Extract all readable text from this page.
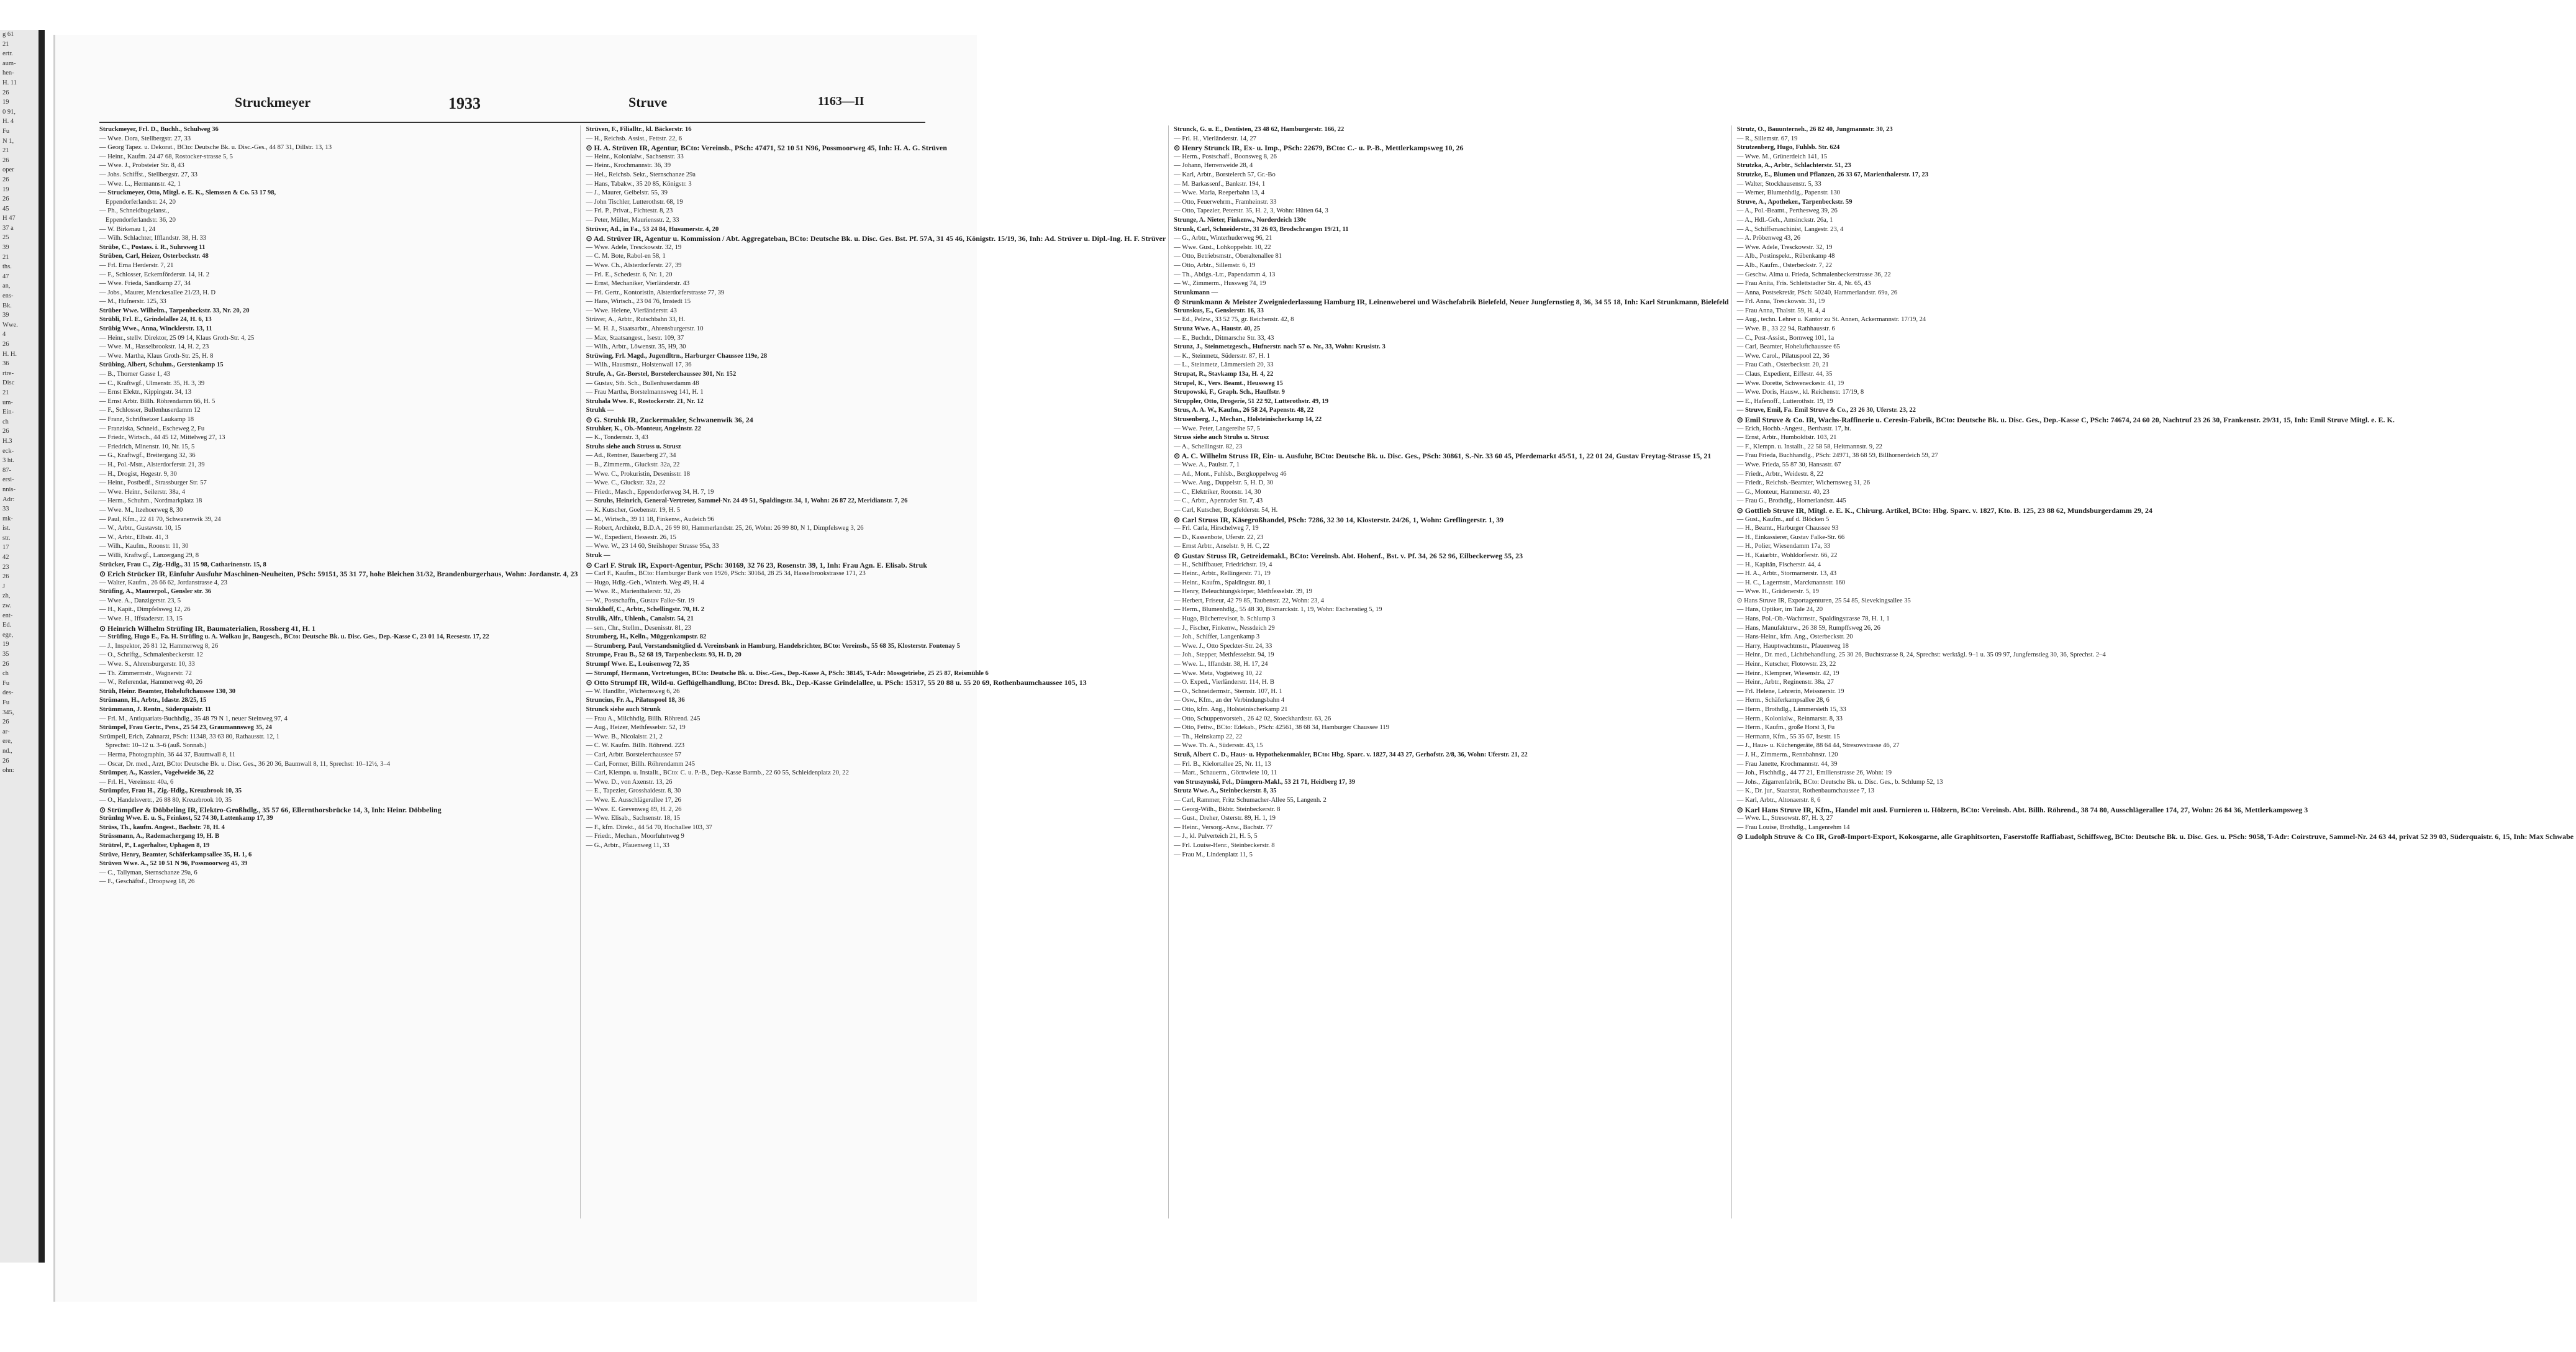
g 61
21
ertr.
aum-
hen-
H. 11
26
19
0 91,
H. 4
Fu
N 1,
21
26
oper
26
19
26
45
H 47
37 a
25
39
21
ths.
47
an,
ens-
Bk.
39
Wwe.
4
26
H. H.
36
rtre-
Disc
21
um-
Ein-
ch
26
H.3
eck-
3 ht.
87-
ersi-
nnis-
Adr:
33
mk-
ist.
str.
17
42
23
26
J
zh,
zw.
ent-
Ed.
ege,
19
35
26
ch
Fu
des-
Fu
345,
26
ar-
ere,
nd.,
26
ohn:
Struckmeyer	1933	Struve	1163—II
Struckmeyer, Frl. D., Buchh., Schulweg 36
— Wwe. Dora, Stellbergstr. 27, 33
— Georg Tapez. u. Dekorat., BCto: Deutsche Bk. u. Disc.-Ges., 44 87 31, Dillstr. 13, 13
— Heinr., Kaufm. 24 47 68, Rostocker-strasse 5, 5
— Wwe. J., Probsteier Str. 8, 43
— Johs. Schiffst., Stellbergstr. 27, 33
— Wwe. L., Hermannstr. 42, 1
— Struckmeyer, Otto, Mitgl. e. E. K., Slemssen & Co. 53 17 98,
Eppendorferlandstr. 24, 20
— Ph., Schneidbugelanst.,
Eppendorferlandstr. 36, 20
— W. Birkenau 1, 24
— Wilh. Schlachter, Ifflandstr. 38, H. 33
Strübe, C., Postass. i. R., Suhrsweg 11
Strüben, Carl, Heizer, Osterbeckstr. 48
— Frl. Erna Herderstr. 7, 21
— F., Schlosser, Eckernförderstr. 14, H. 2
— Wwe. Frieda, Sandkamp 27, 34
— Jobs., Maurer, Menckesallee 21/23, H. D
— M., Hufnerstr. 125, 33
Strüber Wwe. Wilhelm., Tarpenbeckstr. 33, Nr. 20, 20
Strübli, Frl. E., Grindelallee 24, H. 6, 13
Strübig Wwe., Anna, Wincklerstr. 13, 11
— Heinr., stellv. Direktor, 25 09 14, Klaus Groth-Str. 4, 25
— Wwe. M., Hasselbrookstr. 14, H. 2, 23
— Wwe. Martha, Klaus Groth-Str. 25, H. 8
Strübing, Albert, Schuhm., Gerstenkamp 15
— B., Thorner Gasse 1, 43
— C., Kraftwgf., Ulmenstr. 35, H. 3, 39
— Ernst Elektr., Kippingstr. 34, 13
— Ernst Arbtr. Billh. Röhrendamm 66, H. 5
— F., Schlosser, Bullenhuserdamm 12
— Franz, Schriftsetzer Laukamp 18
— Franziska, Schneid., Escheweg 2, Fu
— Friedr., Wirtsch., 44 45 12, Mittelweg 27, 13
— Friedrich, Minenstr. 10, Nr. 15, 5
— G., Kraftwgf., Breitergang 32, 36
— H., Pol.-Mstr., Alsterdorferstr. 21, 39
— H., Drogist, Hegestr. 9, 30
— Heinr., Postbedf., Strassburger Str. 57
— Wwe. Heinr., Seilerstr. 38a, 4
— Herm., Schuhm., Nordmarkplatz 18
— Wwe. M., Itzehoerweg 8, 30
— Paul, Kfm., 22 41 70, Schwanenwik 39, 24
— W., Arbtr., Gustavstr. 10, 15
— W., Arbtr., Elbstr. 41, 3
— Wilh., Kaufm., Roonstr. 11, 30
— Willi, Kraftwgf., Lanzergang 29, 8
Strücker, Frau C., Zig.-Hdlg., 31 15 98, Catharinenstr. 15, 8
⊙ Erich Strücker IR, Einfuhr Ausfuhr Maschinen-Neuheiten, PSch: 59151, 35 31 77, hohe Bleichen 31/32, Brandenburgerhaus, Wohn: Jordanstr. 4, 23
— Walter, Kaufm., 26 66 62, Jordanstrasse 4, 23
Strüfing, A., Maurerpol., Gensler str. 36
— Wwe. A., Danzigerstr. 23, 5
— H., Kapit., Dimpfelsweg 12, 26
— Wwe. H., Iffstaderstr. 13, 15
⊙ Heinrich Wilhelm Strüfing IR, Baumaterialien, Rossberg 41, H. 1
— Strüfing, Hugo E., Fa. H. Strüfing u. A. Wolkau jr., Baugesch., BCto: Deutsche Bk. u. Disc. Ges., Dep.-Kasse C, 23 01 14, Reesestr. 17, 22
— J., Inspektor, 26 81 12, Hammerweg 8, 26
— O., Schriftg., Schmalenbeckerstr. 12
— Wwe. S., Ahrensburgerstr. 10, 33
— Th. Zimmermstr., Wagnerstr. 72
— W., Referendar, Hammerweg 40, 26
Strüh, Heinr. Beamter, Hoheluftchaussee 130, 30
Strümann, H., Arbtr., Idastr. 28/25, 15
Strümmann, J. Rentn., Süderquaistr. 11
— Frl. M., Antiquariats-Buchhdlg., 35 48 79 N 1, neuer Steinweg 97, 4
Strümpel, Frau Gertr., Pens., 25 54 23, Graumannsweg 35, 24
Strümpell, Erich, Zahnarzt, PSch: 11348, 33 63 80, Rathausstr. 12, 1
Sprechst: 10–12 u. 3–6 (auß. Sonnab.)
— Herma, Photographin, 36 44 37, Baumwall 8, 11
— Oscar, Dr. med., Arzt, BCto: Deutsche Bk. u. Disc. Ges., 36 20 36, Baumwall 8, 11, Sprechst: 10–12½, 3–4
Strümper, A., Kassier., Vogelweide 36, 22
— Frl. H., Vereinsstr. 40a, 6
Strümpfer, Frau H., Zig.-Hdlg., Kreuzbrook 10, 35
— O., Handelsvertr., 26 88 80, Kreuzbrook 10, 35
⊙ Strümpfler & Döbbeling IR, Elektro-Großhdlg., 35 57 66, Ellernthorsbrücke 14, 3, Inh: Heinr. Döbbeling
Strünlng Wwe. E. u. S., Feinkost, 52 74 30, Lattenkamp 17, 39
Strüss, Th., kaufm. Angest., Bachstr. 78, H. 4
Strüssmann, A., Rademachergang 19, H. B
Strütrel, P., Lagerhalter, Uphagen 8, 19
Strüve, Henry, Beamter, Schäferkampsallee 35, H. 1, 6
Strüven Wwe. A., 52 10 51 N 96, Possmoorweg 45, 39
— C., Tallyman, Sternschanze 29a, 6
— F., Geschäftsf., Droopweg 18, 26
Strüven, F., Filialltr., kl. Bäckerstr. 16
— H., Reichsb. Assist., Fettstr. 22, 6
⊙ H. A. Strüven IR, Agentur, BCto: Vereinsb., PSch: 47471, 52 10 51 N96, Possmoorweg 45, Inh: H. A. G. Strüven
— Heinr., Kolonialw., Sachsenstr. 33
— Heinr., Krochmannstr. 36, 39
— Hel., Reichsb. Sekr., Sternschanze 29a
— Hans, Tabakw., 35 20 85, Königstr. 3
— J., Maurer, Geibelstr. 55, 39
— John Tischler, Lutterothstr. 68, 19
— Frl. P., Privat., Fichtestr. 8, 23
— Peter, Müller, Mauriensstr. 2, 33
Strüver, Ad., in Fa., 53 24 84, Husumerstr. 4, 20
⊙ Ad. Strüver IR, Agentur u. Kommission / Abt. Aggregateban, BCto: Deutsche Bk. u. Disc. Ges. Bst. Pf. 57A, 31 45 46, Königstr. 15/19, 36, Inh: Ad. Strüver u. Dipl.-Ing. H. F. Strüver
— Wwe. Adele, Tresckowstr. 32, 19
— C. M. Bote, Rabol-en 58, 1
— Wwe. Ch., Alsterdorferstr. 27, 39
— Frl. E., Schedestr. 6, Nr. 1, 20
— Ernst, Mechaniker, Vierländerstr. 43
— Frl. Gertr., Kontoristin, Alsterdorferstrasse 77, 39
— Hans, Wirtsch., 23 04 76, Imstedt 15
— Wwe. Helene, Vierländerstr. 43
Strüver, A., Arbtr., Rutschbahn 33, H.
— M. H. J., Staatsarbtr., Ahrensburgerstr. 10
— Max, Staatsangest., Isestr. 109, 37
— Wilh., Arbtr., Löwenstr. 35, H9, 30
Strüwing, Frl. Magd., Jugendltrn., Harburger Chaussee 119e, 28
— Wilh., Hausmstr., Holstenwall 17, 36
Strufe, A., Gr.-Borstel, Borstelerchaussee 301, Nr. 152
— Gustav, Stb. Sch., Bullenhuserdamm 48
— Frau Martha, Borstelmannsweg 141, H. 1
Struhala Wwe. F., Rostockerstr. 21, Nr. 12
Struhk —
⊙ G. Struhk IR, Zuckermakler, Schwanenwik 36, 24
Struhker, K., Ob.-Monteur, Angelnstr. 22
— K., Tondernstr. 3, 43
Struhs siehe auch Struss u. Strusz
— Ad., Rentner, Bauerberg 27, 34
— B., Zimmerm., Gluckstr. 32a, 22
— Wwe. C., Prokuristin, Desenisstr. 18
— Wwe. C., Gluckstr. 32a, 22
— Friedr., Masch., Eppendorferweg 34, H. 7, 19
— Struhs, Heinrich, General-Vertreter, Sammel-Nr. 24 49 51, Spaldingstr. 34, 1, Wohn: 26 87 22, Meridianstr. 7, 26
— K. Kutscher, Goebenstr. 19, H. 5
— M., Wirtsch., 39 11 18, Finkenw., Audeich 96
— Robert, Architekt, B.D.A., 26 99 80, Hammerlandstr. 25, 26, Wohn: 26 99 80, N 1, Dimpfelsweg 3, 26
— W., Expedient, Hessestr. 26, 15
— Wwe. W., 23 14 60, Steilshoper Strasse 95a, 33
Struk —
⊙ Carl F. Struk IR, Export-Agentur, PSch: 30169, 32 76 23, Rosenstr. 39, 1, Inh: Frau Agn. E. Elisab. Struk
— Carl F., Kaufm., BCto: Hamburger Bank von 1926, PSch: 30164, 28 25 34, Hasselbrookstrasse 171, 23
— Hugo, Hdlg.-Geh., Winterh. Weg 49, H. 4
— Wwe. R., Marienthalerstr. 92, 26
— W., Postschaffn., Gustav Falke-Str. 19
Strukhoff, C., Arbtr., Schellingstr. 70, H. 2
Strulik, Alfr., Uhlenh., Canalstr. 54, 21
— sen., Chr., Stellm., Desenisstr. 81, 23
Strumberg, H., Kelln., Müggenkampstr. 82
— Strumberg, Paul, Vorstandsmitglied d. Vereinsbank in Hamburg, Handelsrichter, BCto: Vereinsb., 55 68 35, Klosterstr. Fontenay 5
Strumpe, Frau B., 52 68 19, Tarpenbeckstr. 93, H. D, 20
Strumpf Wwe. E., Louisenweg 72, 35
— Strumpf, Hermann, Vertretungen, BCto: Deutsche Bk. u. Disc.-Ges., Dep.-Kasse A, PSch: 38145, T-Adr: Mossgetriebe, 25 25 87, Reismühle 6
⊙ Otto Strumpf IR, Wild-u. Geflügelhandlung, BCto: Dresd. Bk., Dep.-Kasse Grindelallee, u. PSch: 15317, 55 20 88 u. 55 20 69, Rothenbaumchaussee 105, 13
— W. Handlbr., Wichernsweg 6, 26
Struncius, Fr. A., Pilatuspool 18, 36
Strunck siehe auch Strunk
— Frau A., Milchhdlg. Billh. Röhrend. 245
— Aug., Heizer, Methfesselstr. 52, 19
— Wwe. B., Nicolaistr. 21, 2
— C. W. Kaufm. Billh. Röhrend. 223
— Carl, Arbtr. Borstelerchaussee 57
— Carl, Former, Billh. Röhrendamm 245
— Carl, Klempn. u. Installt., BCto: C. u. P.-B., Dep.-Kasse Barmb., 22 60 55, Schleidenplatz 20, 22
— Wwe. D., von Axenstr. 13, 26
— E., Tapezier, Grosshaidestr. 8, 30
— Wwe. E. Ausschlägerallee 17, 26
— Wwe. E. Grevenweg 89, H. 2, 26
— Wwe. Elisab., Sachsenstr. 18, 15
— F., kfm. Direkt., 44 54 70, Hochallee 103, 37
— Friedr., Mechan., Moorfuhrtweg 9
— G., Arbtr., Pfauenweg 11, 33
Strunck, G. u. E., Dentisten, 23 48 62, Hamburgerstr. 166, 22
— Frl. H., Vierländerstr. 14, 27
⊙ Henry Strunck IR, Ex- u. Imp., PSch: 22679, BCto: C.- u. P.-B., Mettlerkampsweg 10, 26
— Herm., Postschaff., Boonsweg 8, 26
— Johann, Herrenweide 28, 4
— Karl, Arbtr., Borstelerch 57, Gr.-Bo
— M. Barkassenf., Bankstr. 194, 1
— Wwe. Maria, Reeperbahn 13, 4
— Otto, Feuerwehrm., Framheinstr. 33
— Otto, Tapezier, Peterstr. 35, H. 2, 3, Wohn: Hütten 64, 3
Strunge, A. Nieter, Finkenw., Norderdeich 130c
Strunk, Carl, Schneiderstr., 31 26 03, Brodschrangen 19/21, 11
— G., Arbtr., Winterhuderweg 96, 21
— Wwe. Gust., Lohkoppelstr. 10, 22
— Otto, Betriebsmstr., Oberaltenallee 81
— Otto, Arbtr., Sillemstr. 6, 19
— Th., Abtlgs.-Ltr., Papendamm 4, 13
— W., Zimmerm., Hussweg 74, 19
Strunkmann —
⊙ Strunkmann & Meister Zweigniederlassung Hamburg IR, Leinenweberei und Wäschefabrik Bielefeld, Neuer Jungfernstieg 8, 36, 34 55 18, Inh: Karl Strunkmann, Bielefeld
Strunskus, E., Genslerstr. 16, 33
— Ed., Pelzw., 33 52 75, gr. Reichenstr. 42, 8
Strunz Wwe. A., Haustr. 40, 25
— E., Buchdr., Ditmarsche Str. 33, 43
Strunz, J., Steinmetzgesch., Hufnerstr. nach 57 o. Nr., 33, Wohn: Krusistr. 3
— K., Steinmetz, Südersstr. 87, H. 1
— L., Steinmetz, Lämmersieth 20, 33
Strupat, R., Stavkamp 13a, H. 4, 22
Strupel, K., Vers. Beamt., Heussweg 15
Strupowski, F., Graph. Sch., Hauffstr. 9
Struppler, Otto, Drogerie, 51 22 92, Lutterothstr. 49, 19
Strus, A. A. W., Kaufm., 26 58 24, Papenstr. 48, 22
Strusenberg, J., Mechan., Holsteinischerkamp 14, 22
— Wwe. Peter, Langereihe 57, 5
Struss siehe auch Struhs u. Strusz
— A., Schellingstr. 82, 23
⊙ A. C. Wilhelm Struss IR, Ein- u. Ausfuhr, BCto: Deutsche Bk. u. Disc. Ges., PSch: 30861, S.-Nr. 33 60 45, Pferdemarkt 45/51, 1, 22 01 24, Gustav Freytag-Strasse 15, 21
— Wwe. A., Paulstr. 7, 1
— Ad., Mont., Fuhlsb., Bergkoppelweg 46
— Wwe. Aug., Duppelstr. 5, H. D, 30
— C., Elektriker, Roonstr. 14, 30
— C., Arbtr., Apenrader Str. 7, 43
— Carl, Kutscher, Borgfelderstr. 54, H.
⊙ Carl Struss IR, Käsegroßhandel, PSch: 7286, 32 30 14, Klosterstr. 24/26, 1, Wohn: Greflingerstr. 1, 39
— Frl. Carla, Hirschelweg 7, 19
— D., Kassenbote, Uferstr. 22, 23
— Ernst Arbtr., Anselstr. 9, H. C, 22
⊙ Gustav Struss IR, Getreidemakl., BCto: Vereinsb. Abt. Hohenf., Bst. v. Pf. 34, 26 52 96, Eilbeckerweg 55, 23
— H., Schiffbauer, Friedrichstr. 19, 4
— Heinr., Arbtr., Rellingerstr. 71, 19
— Heinr., Kaufm., Spaldingstr. 80, 1
— Henry, Beleuchtungskörper, Methfesselstr. 39, 19
— Herbert, Friseur, 42 79 85, Taubenstr. 22, Wohn: 23, 4
— Herm., Blumenhdlg., 55 48 30, Bismarckstr. 1, 19, Wohn: Eschenstieg 5, 19
— Hugo, Bücherrevisor, b. Schlump 3
— J., Fischer, Finkenw., Nessdeich 29
— Joh., Schiffer, Langenkamp 3
— Wwe. J., Otto Speckter-Str. 24, 33
— Joh., Stepper, Methfesselstr. 94, 19
— Wwe. L., Iffandstr. 38, H. 17, 24
— Wwe. Meta, Vogteiweg 10, 22
— O. Exped., Vierländerstr. 114, H. B
— O., Schneidermstr., Sternstr. 107, H. 1
— Osw., Kfm., an der Verbindungsbahn 4
— Otto, kfm. Ang., Holsteinischerkamp 21
— Otto, Schuppenvorsteh., 26 42 02, Stoeckhardtstr. 63, 26
— Otto, Fettw., BCto: Edekab., PSch: 42561, 38 68 34, Hamburger Chaussee 119
— Th., Heinskamp 22, 22
— Wwe. Th. A., Südersstr. 43, 15
Struß, Albert C. D., Haus- u. Hypothekenmakler, BCto: Hbg. Sparc. v. 1827, 34 43 27, Gerhofstr. 2/8, 36, Wohn: Uferstr. 21, 22
— Frl. B., Kielortallee 25, Nr. 11, 13
— Mart., Schauerm., Görttwiete 10, 11
von Struszynski, Fel., Dümgern-Makl., 53 21 71, Heidberg 17, 39
Strutz Wwe. A., Steinbeckerstr. 8, 35
— Carl, Rammer, Fritz Schumacher-Allee 55, Langenh. 2
— Georg-Wilh., Bkbtr. Steinbeckerstr. 8
— Gust., Dreher, Osterstr. 89, H. 1, 19
— Heinr., Versorg.-Anw., Bachstr. 77
— J., kl. Pulverteich 21, H. 5, 5
— Frl. Louise-Henr., Steinbeckerstr. 8
— Frau M., Lindenplatz 11, 5
Strutz, O., Bauunterneh., 26 82 40, Jungmannstr. 30, 23
— R., Sillemstr. 67, 19
Strutzenberg, Hugo, Fuhlsb. Str. 624
— Wwe. M., Grünerdeich 141, 15
Strutzka, A., Arbtr., Schlachterstr. 51, 23
Strutzke, E., Blumen und Pflanzen, 26 33 67, Marienthalerstr. 17, 23
— Walter, Stockhausenstr. 5, 33
— Werner, Blumenhdlg., Papenstr. 130
Struve, A., Apotheker., Tarpenbeckstr. 59
— A., Pol.-Beamt., Perthesweg 39, 26
— A., Hdl.-Geh., Amsinckstr. 26a, 1
— A., Schiffsmaschinist, Langestr. 23, 4
— A. Pröbenweg 43, 26
— Wwe. Adele, Tresckowstr. 32, 19
— Alb., Postinspekt., Rübenkamp 48
— Alb., Kaufm., Osterbeckstr. 7, 22
— Geschw. Alma u. Frieda, Schmalenbeckerstrasse 36, 22
— Frau Anita, Fris. Schlettstadter Str. 4, Nr. 65, 43
— Anna, Postsekretär, PSch: 50240, Hammerlandstr. 69a, 26
— Frl. Anna, Tresckowstr. 31, 19
— Frau Anna, Thalstr. 59, H. 4, 4
— Aug., techn. Lehrer u. Kantor zu St. Annen, Ackermannstr. 17/19, 24
— Wwe. B., 33 22 94, Rathhausstr. 6
— C., Post-Assist., Bornweg 101, 1a
— Carl, Beamter, Hoheluftchaussee 65
— Wwe. Carol., Pilatuspool 22, 36
— Frau Cath., Osterbeckstr. 20, 21
— Claus, Expedient, Eiffestr. 44, 35
— Wwe. Dorette, Schweneckestr. 41, 19
— Wwe. Doris, Hausw., kl. Reichenstr. 17/19, 8
— E., Hafenoff., Lutterothstr. 19, 19
— Struve, Emil, Fa. Emil Struve & Co., 23 26 30, Uferstr. 23, 22
⊙ Emil Struve & Co. IR, Wachs-Raffinerie u. Ceresin-Fabrik, BCto: Deutsche Bk. u. Disc. Ges., Dep.-Kasse C, PSch: 74674, 24 60 20, Nachtruf 23 26 30, Frankenstr. 29/31, 15, Inh: Emil Struve Mitgl. e. E. K.
— Erich, Hochb.-Angest., Berthastr. 17, ht.
— Ernst, Arbtr., Humboldtstr. 103, 21
— F., Klempn. u. Installt., 22 58 58, Heitmannstr. 9, 22
— Frau Frieda, Buchhandlg., PSch: 24971, 38 68 59, Billhornerdeich 59, 27
— Wwe. Frieda, 55 87 30, Hansastr. 67
— Friedr., Arbtr., Weidestr. 8, 22
— Friedr., Reichsb.-Beamter, Wichernsweg 31, 26
— G., Monteur, Hammerstr. 40, 23
— Frau G., Brothdlg., Hornerlandstr. 445
⊙ Gottlieb Struve IR, Mitgl. e. E. K., Chirurg. Artikel, BCto: Hbg. Sparc. v. 1827, Kto. B. 125, 23 88 62, Mundsburgerdamm 29, 24
— Gust., Kaufm., auf d. Blöcken 5
— H., Beamt., Harburger Chaussee 93
— H., Einkassierer, Gustav Falke-Str. 66
— H., Polier, Wiesendamm 17a, 33
— H., Kaiarbtr., Wohldorferstr. 66, 22
— H., Kapitän, Fischerstr. 44, 4
— H. A., Arbtr., Stormarnerstr. 13, 43
— H. C., Lagermstr., Marckmannstr. 160
— Wwe. H., Grädenerstr. 5, 19
⊙ Hans Struve IR, Exportagenturen, 25 54 85, Sievekingsallee 35
— Hans, Optiker, im Tale 24, 20
— Hans, Pol.-Ob.-Wachtmstr., Spaldingstrasse 78, H. 1, 1
— Hans, Manufakturw., 26 38 59, Rumpffsweg 26, 26
— Hans-Heinr., kfm. Ang., Osterbeckstr. 20
— Harry, Hauptwachtmstr., Pfauenweg 18
— Heinr., Dr. med., Lichtbehandlung, 25 30 26, Buchtstrasse 8, 24, Sprechst: werktägl. 9–1 u. 35 09 97, Jungfernstieg 30, 36, Sprechst. 2–4
— Heinr., Kutscher, Flotowstr. 23, 22
— Heinr., Klempner, Wiesenstr. 42, 19
— Heinr., Arbtr., Reginenstr. 38a, 27
— Frl. Helene, Lehrerin, Meissnerstr. 19
— Herm., Schäferkampsallee 28, 6
— Herm., Brothdlg., Lämmersieth 15, 33
— Herm., Kolonialw., Reinmarstr. 8, 33
— Herm., Kaufm., große Horst 3, Fu
— Hermann, Kfm., 55 35 67, Isestr. 15
— J., Haus- u. Küchengeräte, 88 64 44, Stresowstrasse 46, 27
— J. H., Zimmerm., Rennbahnstr. 120
— Frau Janette, Krochmannstr. 44, 39
— Joh., Fischhdlg., 44 77 21, Emilienstrasse 26, Wohn: 19
— Johs., Zigarrenfabrik, BCto: Deutsche Bk. u. Disc. Ges., b. Schlump 52, 13
— K., Dr. jur., Staatsrat, Rothenbaumchaussee 7, 13
— Karl, Arbtr., Altonaerstr. 8, 6
⊙ Karl Hans Struve IR, Kfm., Handel mit ausl. Furnieren u. Hölzern, BCto: Vereinsb. Abt. Billh. Röhrend., 38 74 80, Ausschlägerallee 174, 27, Wohn: 26 84 36, Mettlerkampsweg 3
— Wwe. L., Stresowstr. 87, H. 3, 27
— Frau Louise, Brothdlg., Langenrehm 14
⊙ Ludolph Struve & Co IR, Groß-Import-Export, Kokosgarne, alle Graphitsorten, Faserstoffe Raffiabast, Schiffsweg, BCto: Deutsche Bk. u. Disc. Ges. u. PSch: 9058, T-Adr: Coirstruve, Sammel-Nr. 24 63 44, privat 52 39 03, Süderquaistr. 6, 15, Inh: Max Schwabe
